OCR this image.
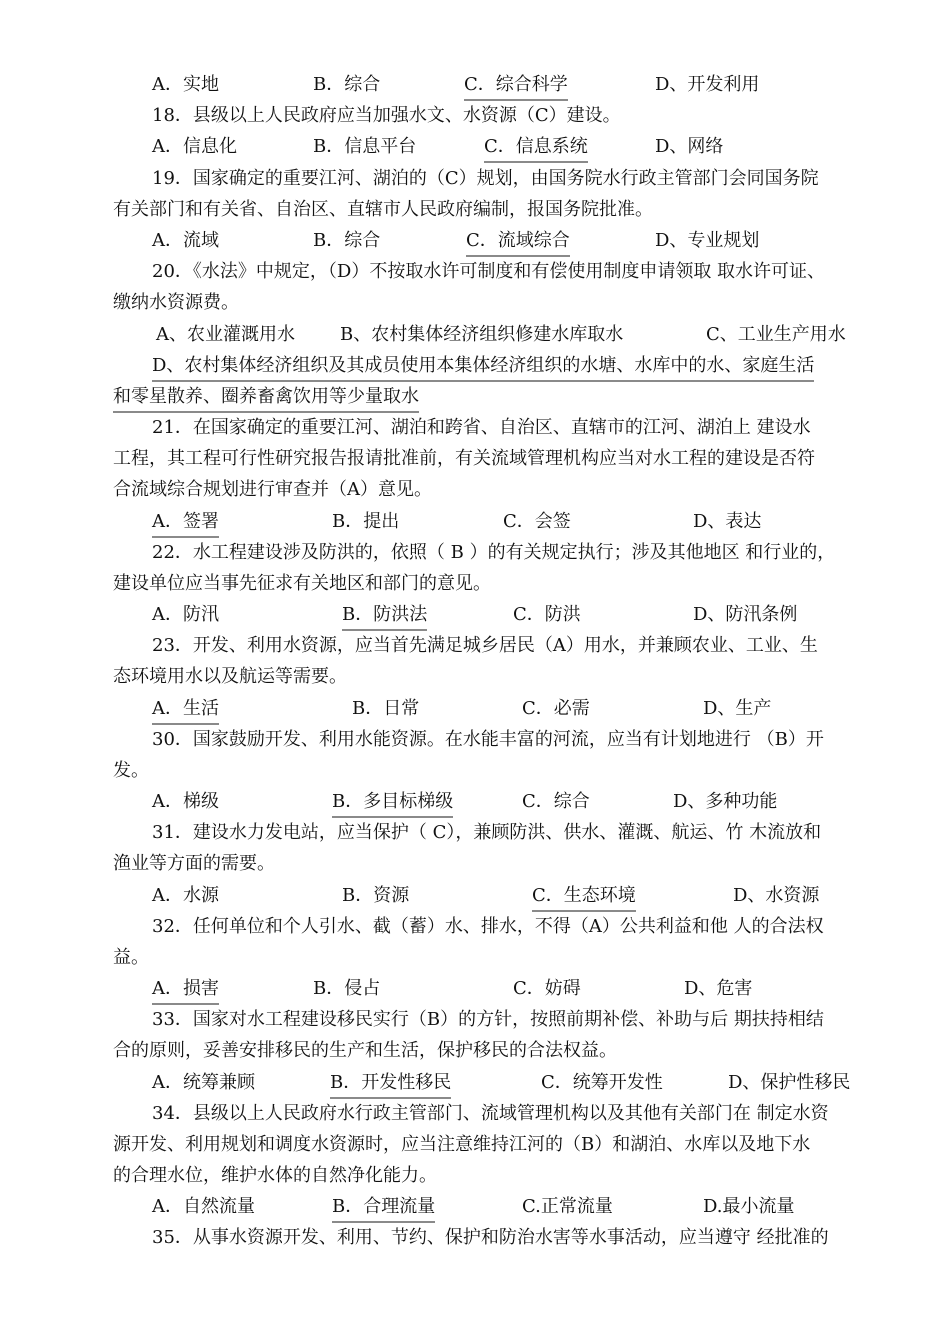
A．实地	B．综合	C．综合科学	D、开发利用
18．县级以上人民政府应当加强水文、水资源（C）建设。
A．信息化	B．信息平台	C．信息系统	D、网络
19．国家确定的重要江河、湖泊的（C）规划，由国务院水行政主管部门会同国务院
有关部门和有关省、自治区、直辖市人民政府编制，报国务院批准。
A．流域	B．综合	C．流域综合	D、专业规划
20．《水法》中规定，（D）不按取水许可制度和有偿使用制度申请领取 取水许可证、
缴纳水资源费。
A、农业灌溉用水	B、农村集体经济组织修建水库取水	C、工业生产用水
D、农村集体经济组织及其成员使用本集体经济组织的水塘、水库中的水、家庭生活
和零星散养、圈养畜禽饮用等少量取水
21．在国家确定的重要江河、湖泊和跨省、自治区、直辖市的江河、湖泊上 建设水
工程，其工程可行性研究报告报请批准前，有关流域管理机构应当对水工程的建设是否符
合流域综合规划进行审查并（A）意见。
A．签署	B．提出	C．会签	D、表达
22．水工程建设涉及防洪的，依照（ B ）的有关规定执行；涉及其他地区 和行业的，
建设单位应当事先征求有关地区和部门的意见。
A．防汛	B．防洪法	C．防洪	D、防汛条例
23．开发、利用水资源，应当首先满足城乡居民（A）用水，并兼顾农业、工业、生
态环境用水以及航运等需要。
A．生活	B．日常	C．必需	D、生产
30．国家鼓励开发、利用水能资源。在水能丰富的河流，应当有计划地进行 （B）开
发。
A．梯级	B．多目标梯级	C．综合	D、多种功能
31．建设水力发电站，应当保护（ C），兼顾防洪、供水、灌溉、航运、竹 木流放和
渔业等方面的需要。
A．水源	B．资源	C．生态环境	D、水资源
32．任何单位和个人引水、截（蓄）水、排水，不得（A）公共利益和他 人的合法权
益。
A．损害	B．侵占	C．妨碍	D、危害
33．国家对水工程建设移民实行（B）的方针，按照前期补偿、补助与后 期扶持相结
合的原则，妥善安排移民的生产和生活，保护移民的合法权益。
A．统筹兼顾	B．开发性移民	C．统筹开发性	D、保护性移民
34．县级以上人民政府水行政主管部门、流域管理机构以及其他有关部门在 制定水资
源开发、利用规划和调度水资源时，应当注意维持江河的（B）和湖泊、水库以及地下水
的合理水位，维护水体的自然净化能力。
A．自然流量	B．合理流量	C.正常流量	D.最小流量
35．从事水资源开发、利用、节约、保护和防治水害等水事活动，应当遵守 经批准的
